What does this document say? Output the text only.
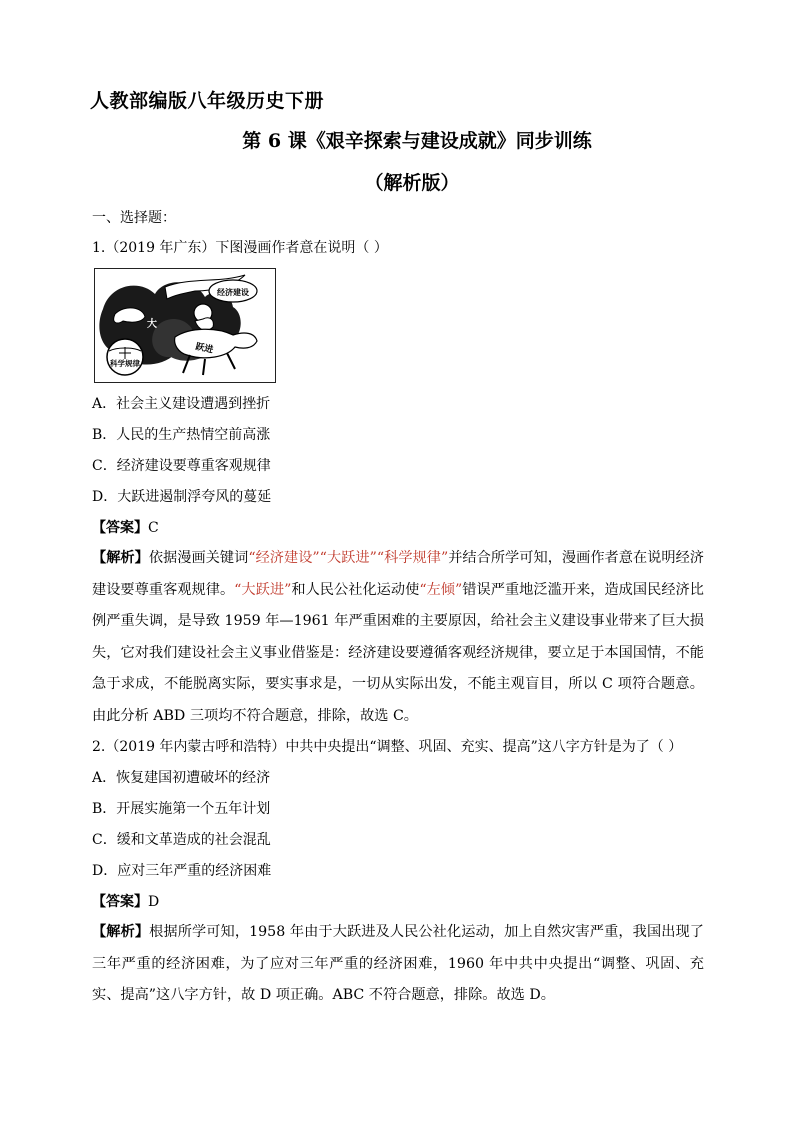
人教部编版八年级历史下册
第 6 课《艰辛探索与建设成就》同步训练
（解析版）
一、选择题：
1.（2019 年广东）下图漫画作者意在说明（ ）
经济建设
跃进
大
科学规律
A．社会主义建设遭遇到挫折
B．人民的生产热情空前高涨
C．经济建设要尊重客观规律
D．大跃进遏制浮夸风的蔓延
【答案】C
【解析】依据漫画关键词“经济建设”“大跃进”“科学规律”并结合所学可知，漫画作者意在说明经济建设要尊重客观规律。“大跃进”和人民公社化运动使“左倾”错误严重地泛滥开来，造成国民经济比例严重失调，是导致 1959 年—1961 年严重困难的主要原因，给社会主义建设事业带来了巨大损失，它对我们建设社会主义事业借鉴是：经济建设要遵循客观经济规律，要立足于本国国情，不能急于求成，不能脱离实际，要实事求是，一切从实际出发，不能主观盲目，所以 C 项符合题意。由此分析 ABD 三项均不符合题意，排除，故选 C。
2.（2019 年内蒙古呼和浩特）中共中央提出“调整、巩固、充实、提高”这八字方针是为了（ ）
A．恢复建国初遭破坏的经济
B．开展实施第一个五年计划
C．缓和文革造成的社会混乱
D．应对三年严重的经济困难
【答案】D
【解析】根据所学可知，1958 年由于大跃进及人民公社化运动，加上自然灾害严重，我国出现了三年严重的经济困难，为了应对三年严重的经济困难，1960 年中共中央提出“调整、巩固、充实、提高”这八字方针，故 D 项正确。ABC 不符合题意，排除。故选 D。
